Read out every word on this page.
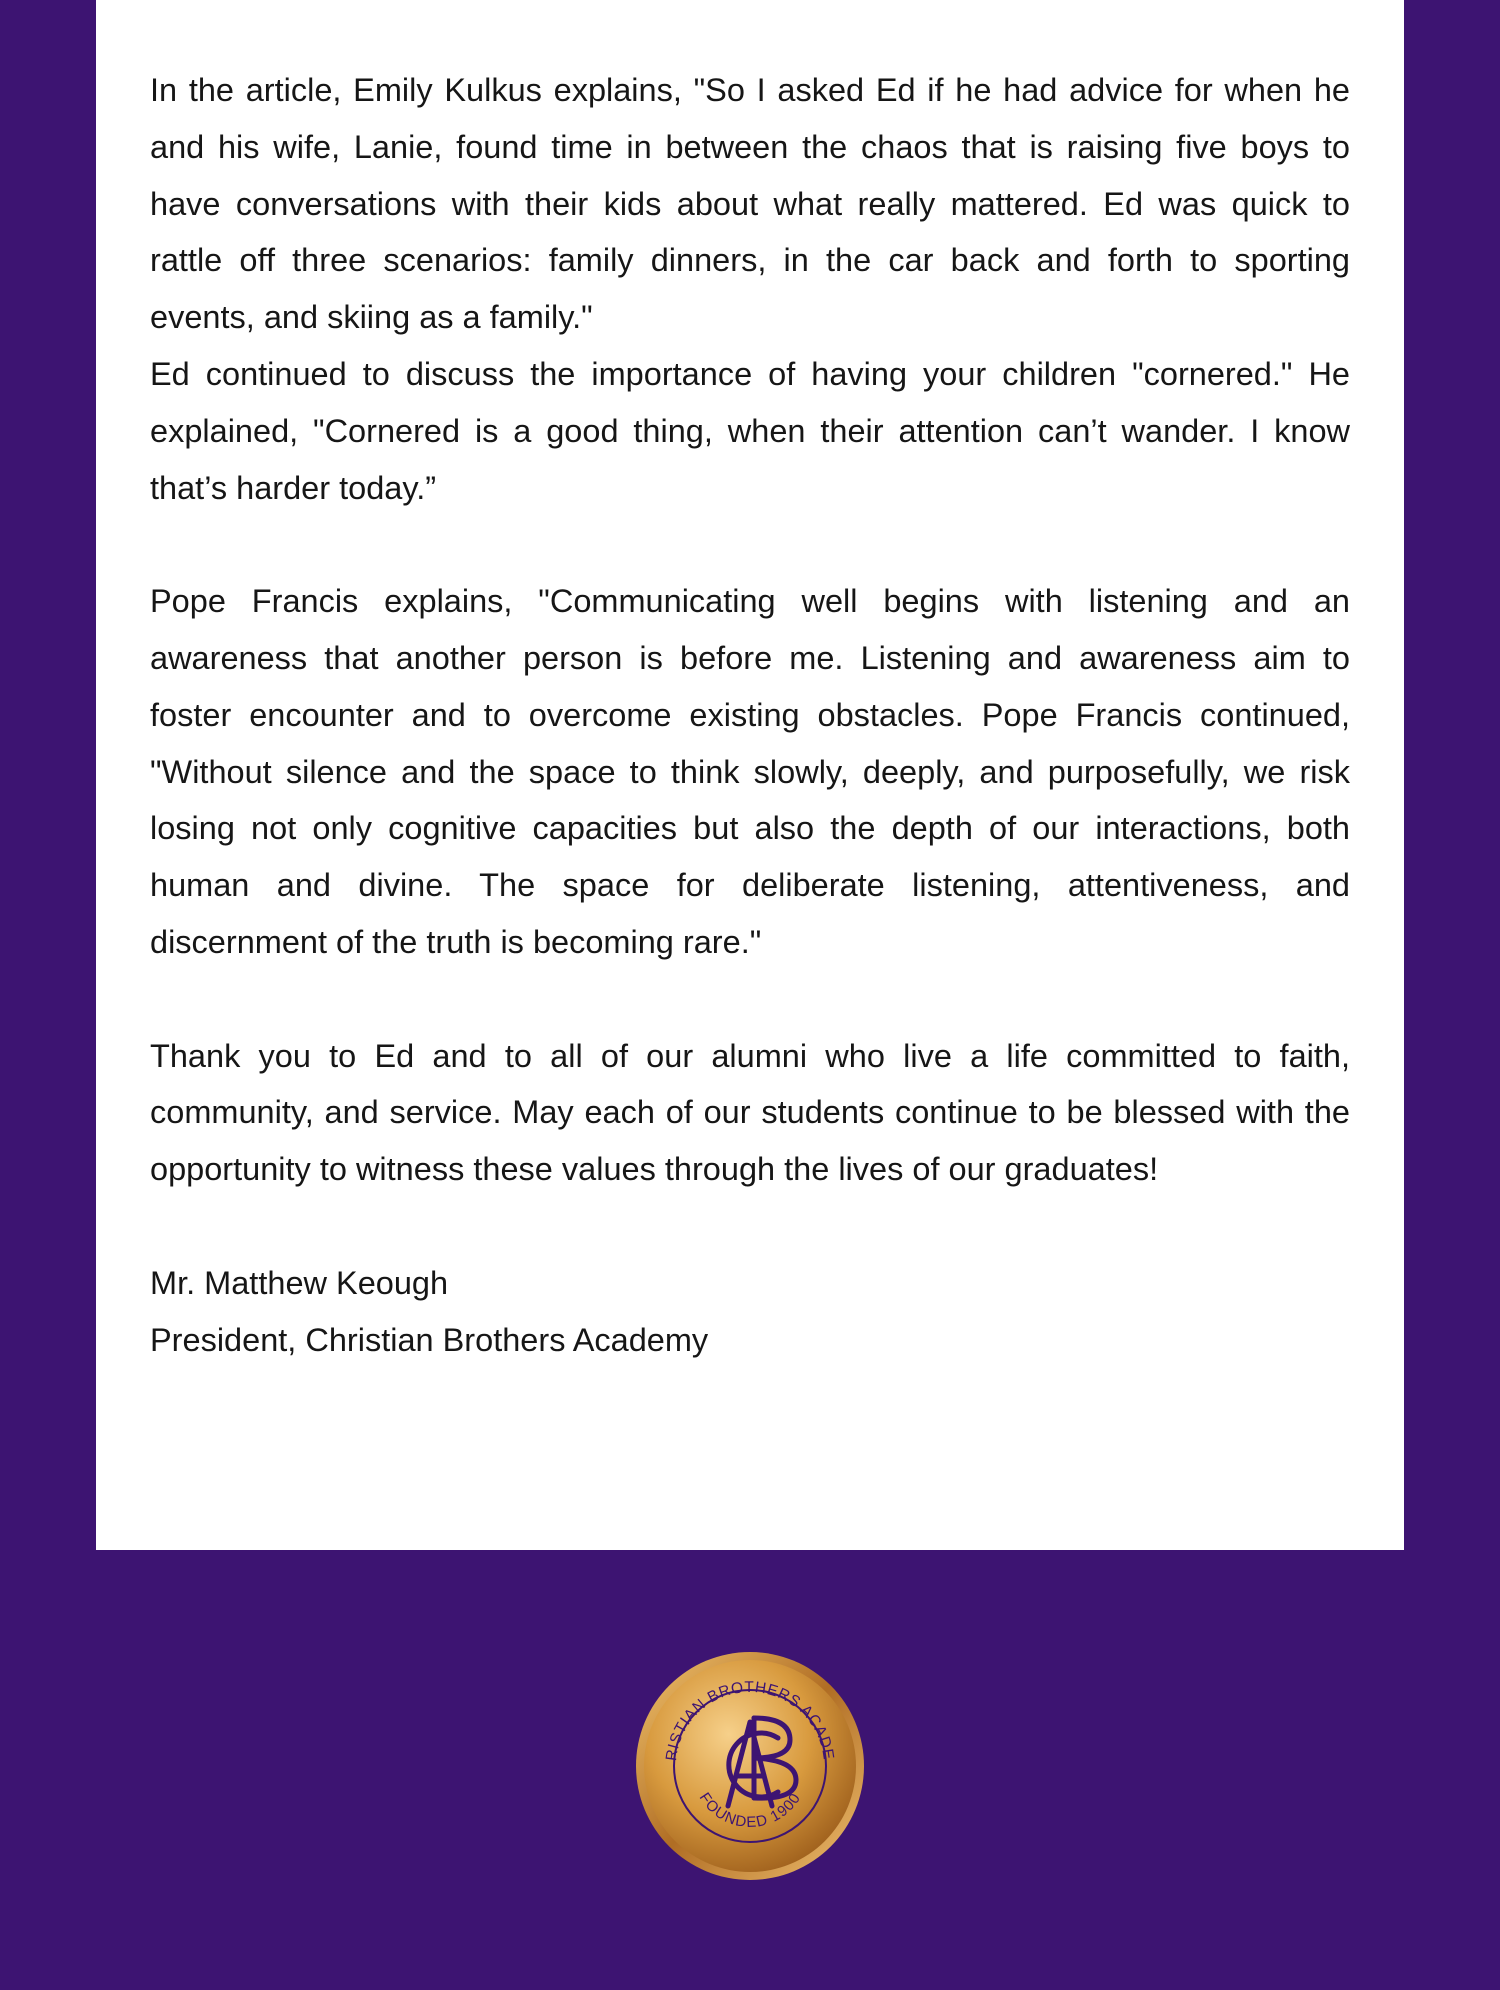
In the article, Emily Kulkus explains, "So I asked Ed if he had advice for when he and his wife, Lanie, found time in between the chaos that is raising five boys to have conversations with their kids about what really mattered. Ed was quick to rattle off three scenarios: family dinners, in the car back and forth to sporting events, and skiing as a family."

Ed continued to discuss the importance of having your children "cornered." He explained, "Cornered is a good thing, when their attention can’t wander. I know that’s harder today.”

Pope Francis explains, "Communicating well begins with listening and an awareness that another person is before me. Listening and awareness aim to foster encounter and to overcome existing obstacles. Pope Francis continued, "Without silence and the space to think slowly, deeply, and purposefully, we risk losing not only cognitive capacities but also the depth of our interactions, both human and divine. The space for deliberate listening, attentiveness, and discernment of the truth is becoming rare."

Thank you to Ed and to all of our alumni who live a life committed to faith, community, and service. May each of our students continue to be blessed with the opportunity to witness these values through the lives of our graduates!

Mr. Matthew Keough

President, Christian Brothers Academy

RISTIAN BROTHERS ACADE
FOUNDED 1900
